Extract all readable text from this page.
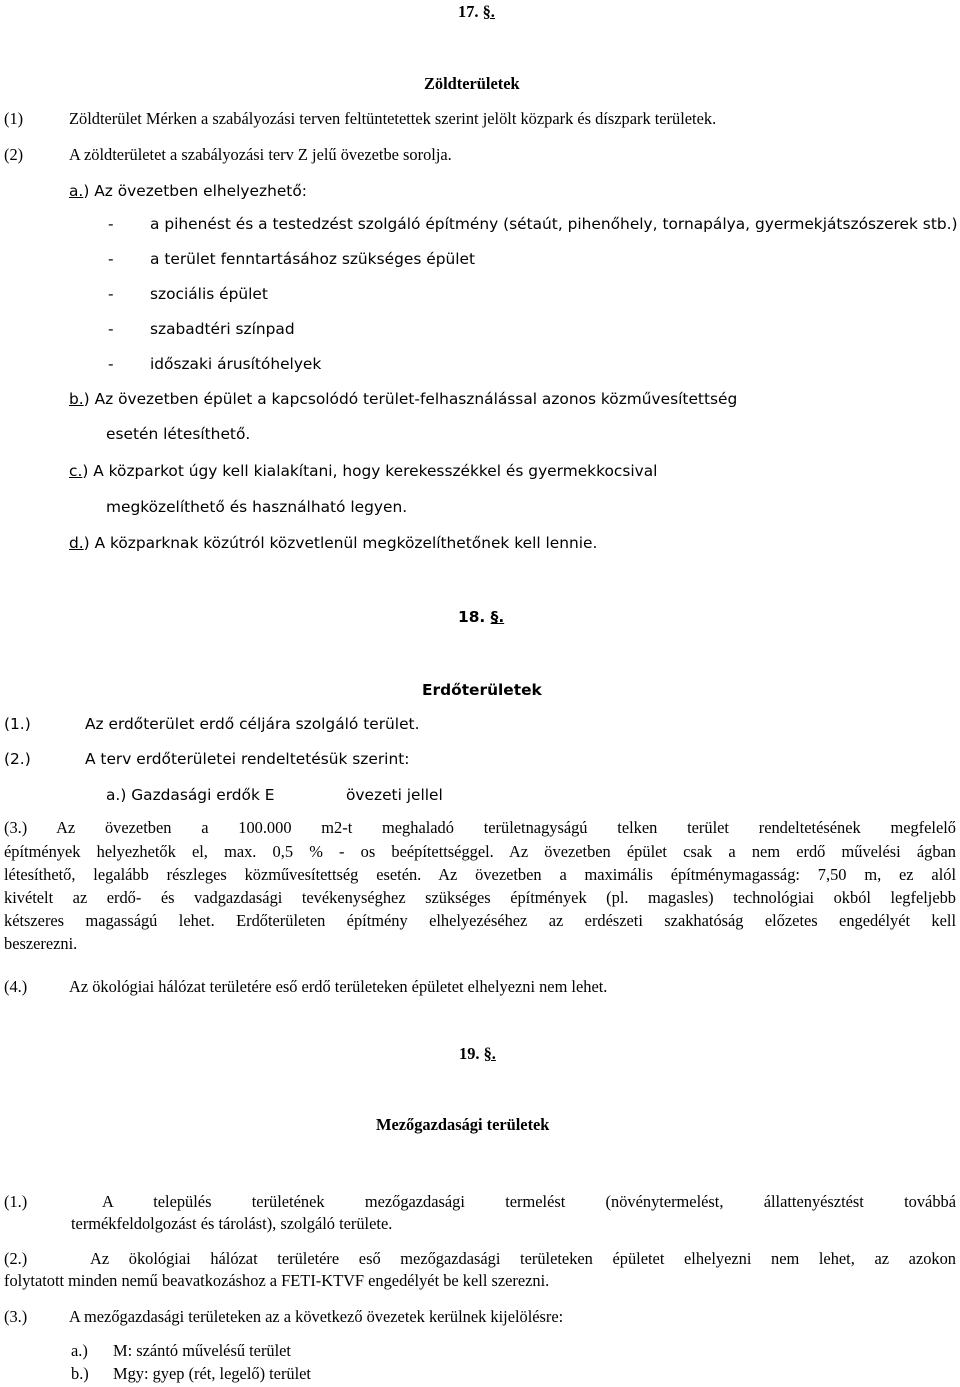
17. §.
Zöldterületek
(1)	Zöldterület Mérken a szabályozási terven feltüntetettek szerint jelölt közpark és díszpark területek.
(2)	A zöldterületet a szabályozási terv Z jelű övezetbe sorolja.
a.) Az övezetben elhelyezhető:
- a pihenést és a testedzést szolgáló építmény (sétaút, pihenőhely, tornapálya, gyermekjátszószerek stb.)
- a terület fenntartásához szükséges épület
- szociális épület
- szabadtéri színpad
- időszaki árusítóhelyek
b.) Az övezetben épület a kapcsolódó terület-felhasználással azonos közművesítettség
esetén létesíthető.
c.) A közparkot úgy kell kialakítani, hogy kerekesszékkel és gyermekkocsival
megközelíthető és használható legyen.
d.) A közparknak közútról közvetlenül megközelíthetőnek kell lennie.
18. §.
Erdőterületek
(1.)	Az erdőterület erdő céljára szolgáló terület.
(2.)	A terv erdőterületei rendeltetésük szerint:
a.) Gazdasági erdők E	övezeti jellel
(3.) Az övezetben a 100.000 m2-t meghaladó területnagyságú telken terület rendeltetésének megfelelő
építmények helyezhetők el, max. 0,5 % - os beépítettséggel. Az övezetben épület csak a nem erdő művelési ágban
létesíthető, legalább részleges közművesítettség esetén. Az övezetben a maximális építménymagasság: 7,50 m, ez alól
kivételt az erdő- és vadgazdasági tevékenységhez szükséges építmények (pl. magasles) technológiai okból legfeljebb
kétszeres magasságú lehet. Erdőterületen építmény elhelyezéséhez az erdészeti szakhatóság előzetes engedélyét kell
beszerezni.
(4.)	Az ökológiai hálózat területére eső erdő területeken épületet elhelyezni nem lehet.
19. §.
Mezőgazdasági területek
(1.)	A település területének mezőgazdasági termelést (növénytermelést, állattenyésztést továbbá
termékfeldolgozást és tárolást), szolgáló területe.
(2.)	Az ökológiai hálózat területére eső mezőgazdasági területeken épületet elhelyezni nem lehet, az azokon
folytatott minden nemű beavatkozáshoz a FETI-KTVF engedélyét be kell szerezni.
(3.)	A mezőgazdasági területeken az a következő övezetek kerülnek kijelölésre:
a.) M: szántó művelésű terület
b.) Mgy: gyep (rét, legelő) terület
